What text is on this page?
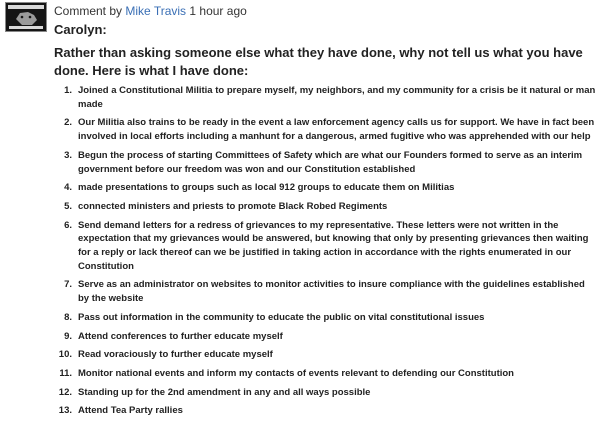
Comment by Mike Travis 1 hour ago
Carolyn:
Rather than asking someone else what they have done, why not tell us what you have done. Here is what I have done:
1. Joined a Constitutional Militia to prepare myself, my neighbors, and my community for a crisis be it natural or man made
2. Our Militia also trains to be ready in the event a law enforcement agency calls us for support. We have in fact been involved in local efforts including a manhunt for a dangerous, armed fugitive who was apprehended with our help
3. Begun the process of starting Committees of Safety which are what our Founders formed to serve as an interim government before our freedom was won and our Constitution established
4. made presentations to groups such as local 912 groups to educate them on Militias
5. connected ministers and priests to promote Black Robed Regiments
6. Send demand letters for a redress of grievances to my representative. These letters were not written in the expectation that my grievances would be answered, but knowing that only by presenting grievances then waiting for a reply or lack thereof can we be justified in taking action in accordance with the rights enumerated in our Constitution
7. Serve as an administrator on websites to monitor activities to insure compliance with the guidelines established by the website
8. Pass out information in the community to educate the public on vital constitutional issues
9. Attend conferences to further educate myself
10. Read voraciously to further educate myself
11. Monitor national events and inform my contacts of events relevant to defending our Constitution
12. Standing up for the 2nd amendment in any and all ways possible
13. Attend Tea Party rallies
